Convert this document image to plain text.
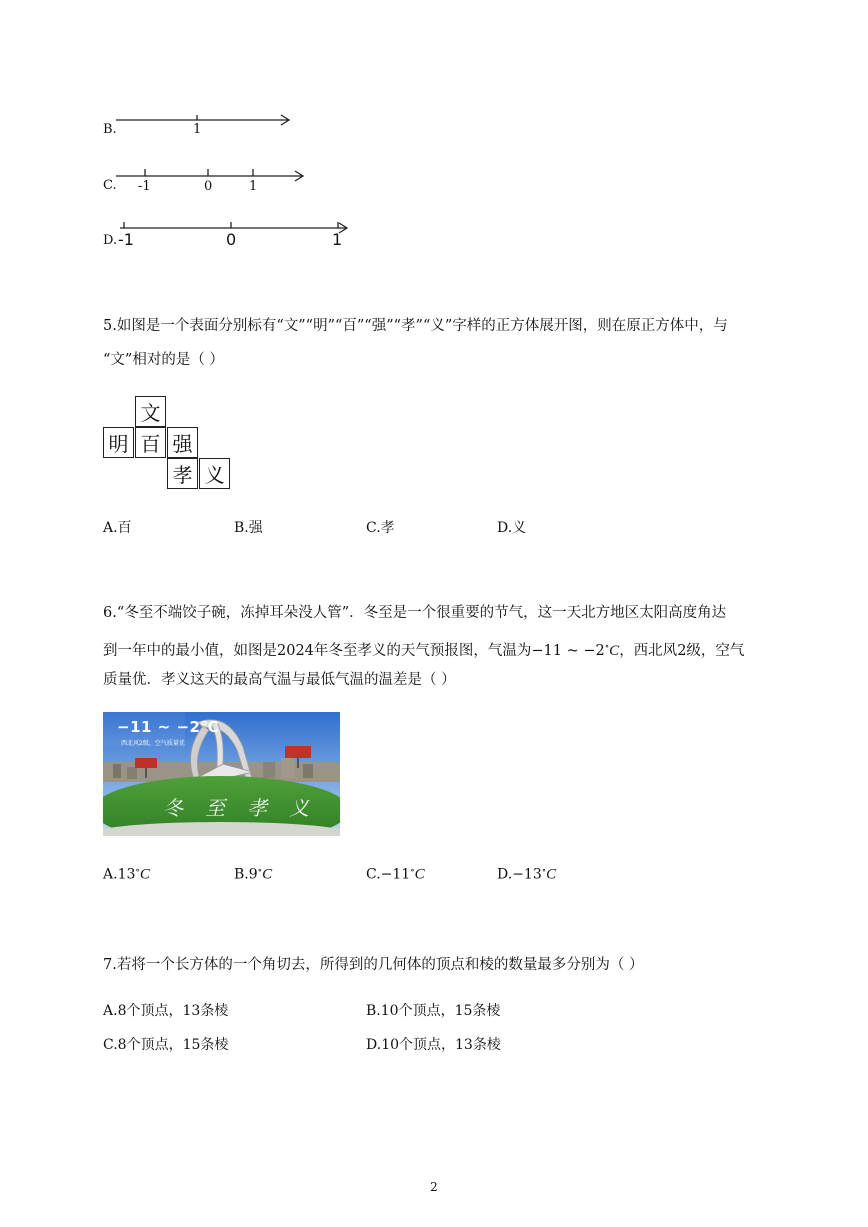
B.	1
C. -1	0	1
D. -1	0	1
5.如图是一个表面分别标有“文”“明”“百”“强”“孝”“义”字样的正方体展开图，则在原正方体中，与
“文”相对的是（ ）
文
明 百 强
孝 义
A.百	B.强	C.孝	D.义
6.“冬至不端饺子碗，冻掉耳朵没人管”．冬至是一个很重要的节气，这一天北方地区太阳高度角达
到一年中的最小值，如图是2024年冬至孝义的天气预报图，气温为−11 ~ −2∘C，西北风2级，空气
质量优．孝义这天的最高气温与最低气温的温差是（ ）
−11 ~ −2℃
西北风2级，空气质量优
冬至孝义
A.13∘C	B.9∘C	C.−11∘C	D.−13∘C
7.若将一个长方体的一个角切去，所得到的几何体的顶点和棱的数量最多分别为（ ）
A.8个顶点，13条棱	B.10个顶点，15条棱
C.8个顶点，15条棱	D.10个顶点，13条棱
2
